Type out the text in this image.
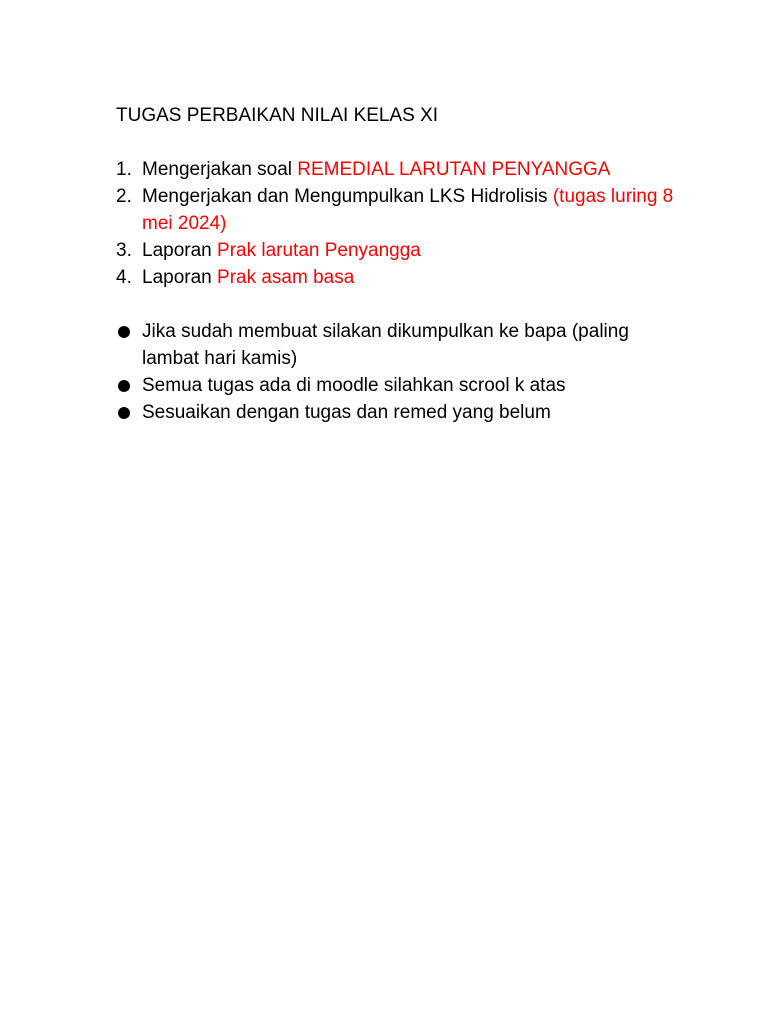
TUGAS PERBAIKAN NILAI KELAS XI

1. Mengerjakan soal REMEDIAL LARUTAN PENYANGGA
2. Mengerjakan dan Mengumpulkan LKS Hidrolisis (tugas luring 8 mei 2024)
3. Laporan Prak larutan Penyangga
4. Laporan Prak asam basa
Jika sudah membuat silakan dikumpulkan ke bapa (paling lambat hari kamis)
Semua tugas ada di moodle silahkan scrool k atas
Sesuaikan dengan tugas dan remed yang belum
